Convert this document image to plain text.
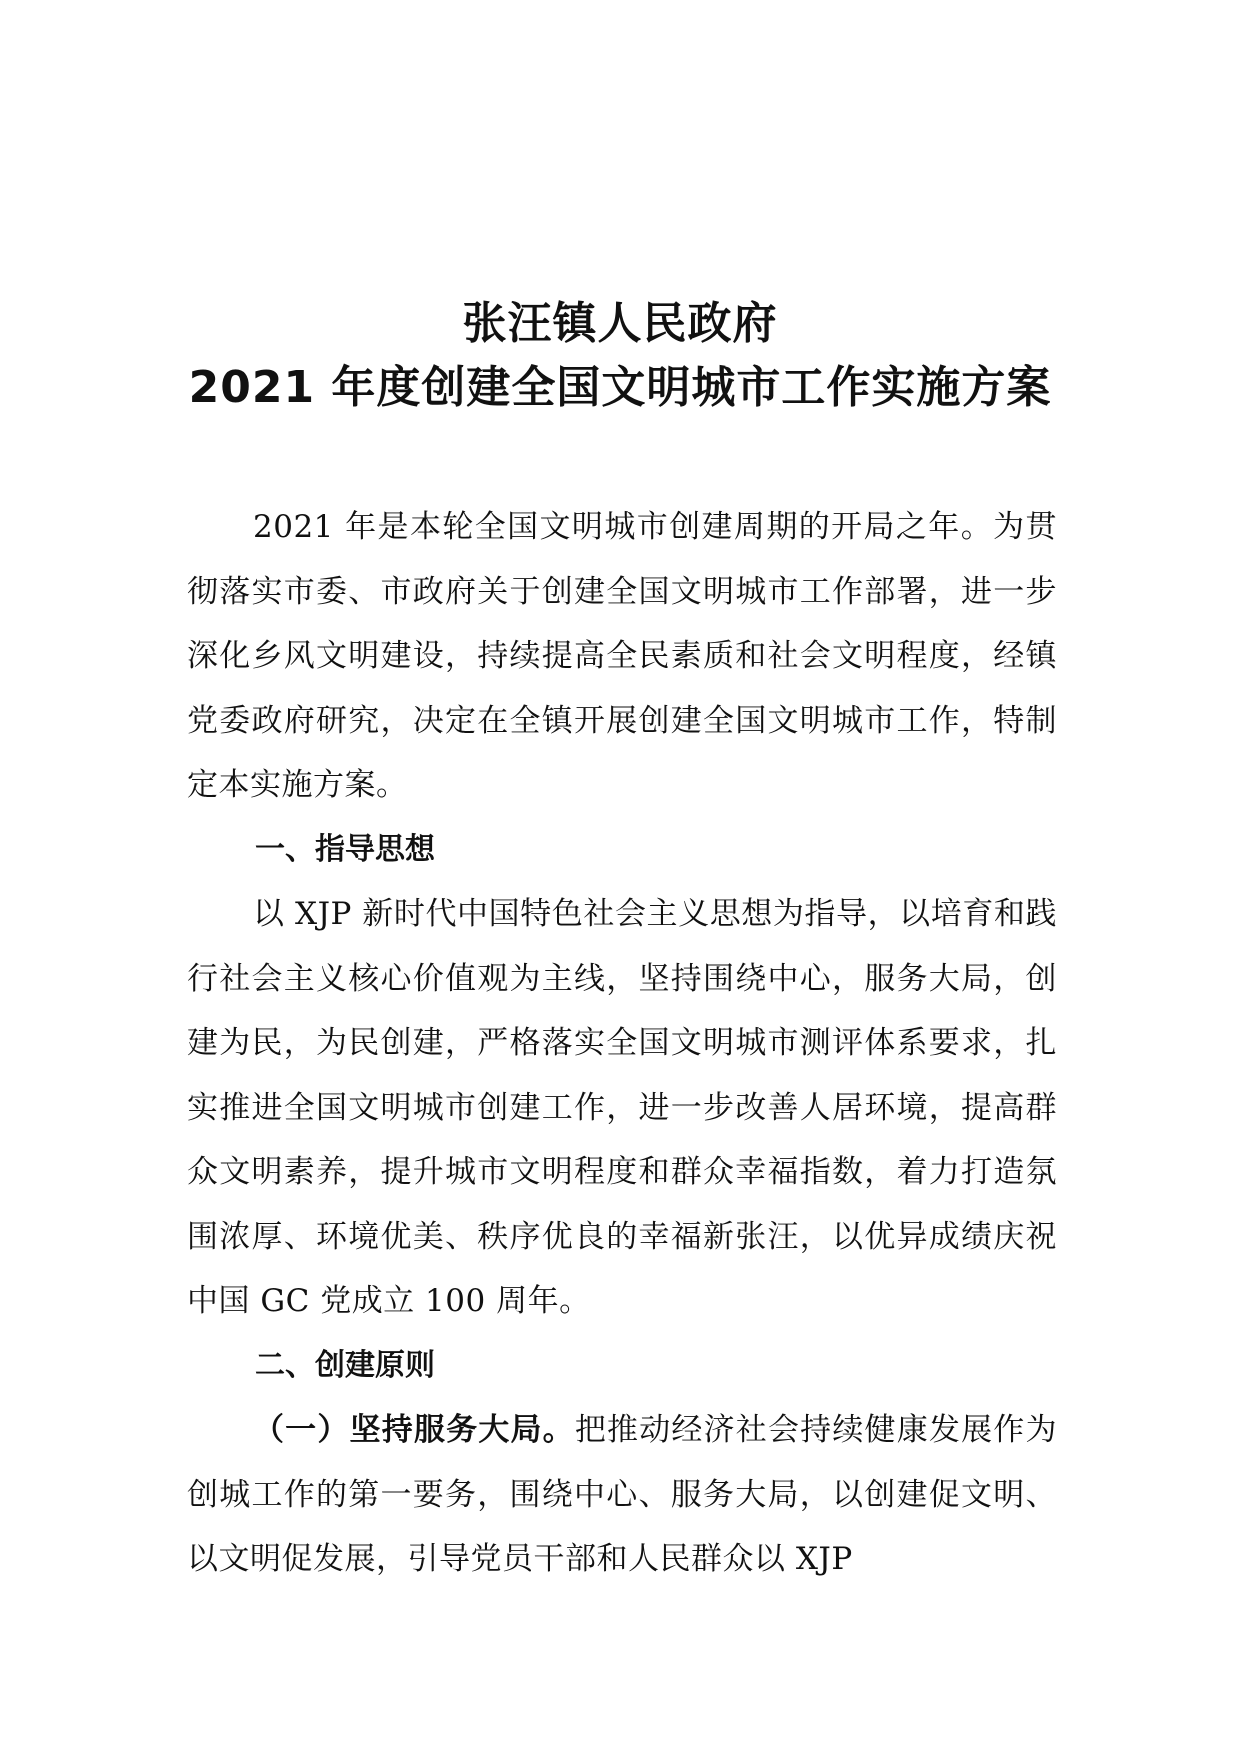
张汪镇人民政府
2021 年度创建全国文明城市工作实施方案

2021 年是本轮全国文明城市创建周期的开局之年。为贯彻落实市委、市政府关于创建全国文明城市工作部署，进一步深化乡风文明建设，持续提高全民素质和社会文明程度，经镇党委政府研究，决定在全镇开展创建全国文明城市工作，特制定本实施方案。

一、指导思想

以 XJP 新时代中国特色社会主义思想为指导，以培育和践行社会主义核心价值观为主线，坚持围绕中心，服务大局，创建为民，为民创建，严格落实全国文明城市测评体系要求，扎实推进全国文明城市创建工作，进一步改善人居环境，提高群众文明素养，提升城市文明程度和群众幸福指数，着力打造氛围浓厚、环境优美、秩序优良的幸福新张汪，以优异成绩庆祝中国 GC 党成立 100 周年。

二、创建原则

（一）坚持服务大局。把推动经济社会持续健康发展作为创城工作的第一要务，围绕中心、服务大局，以创建促文明、以文明促发展，引导党员干部和人民群众以 XJP
